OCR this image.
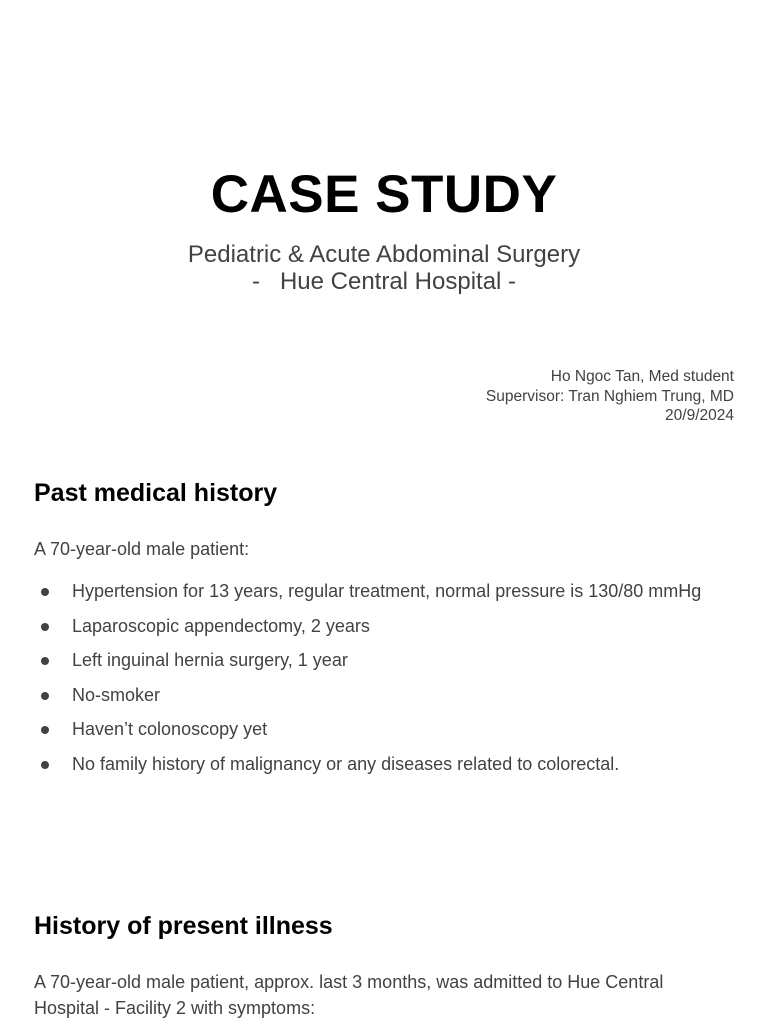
CASE STUDY
Pediatric & Acute Abdominal Surgery
-   Hue Central Hospital -
Ho Ngoc Tan, Med student
Supervisor: Tran Nghiem Trung, MD
20/9/2024
Past medical history

A 70-year-old male patient:

Hypertension for 13 years, regular treatment, normal pressure is 130/80 mmHg
Laparoscopic appendectomy, 2 years
Left inguinal hernia surgery, 1 year
No-smoker
Haven’t colonoscopy yet
No family history of malignancy or any diseases related to colorectal.
History of present illness

A 70-year-old male patient, approx. last 3 months, was admitted to Hue Central Hospital - Facility 2 with symptoms:
